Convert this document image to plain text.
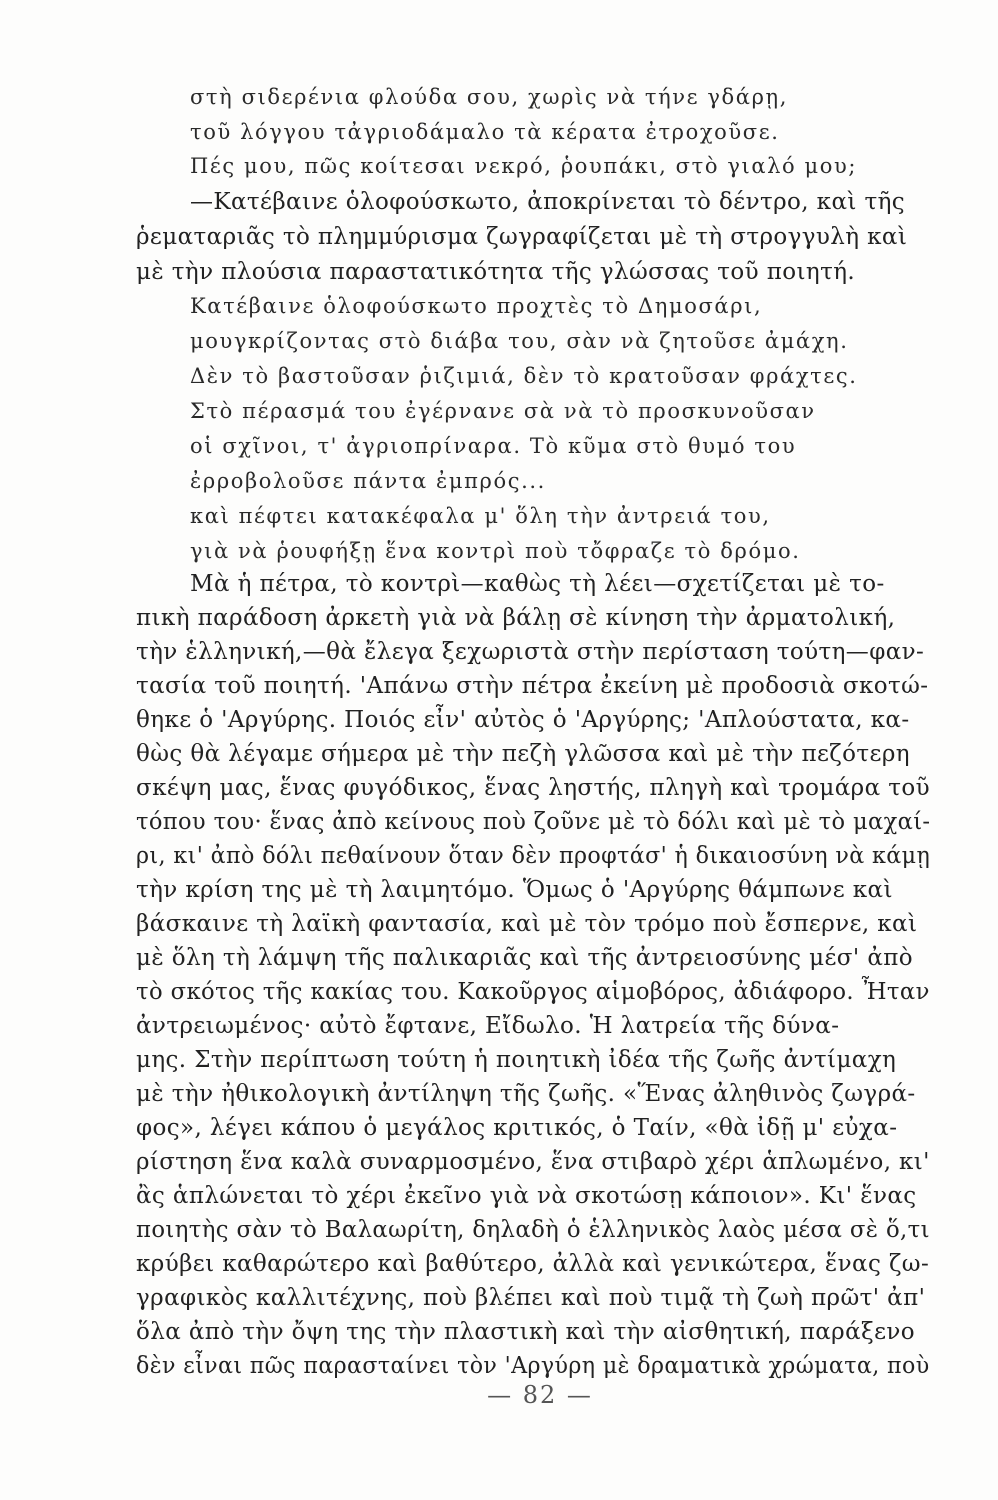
στὴ σιδερένια φλούδα σου, χωρὶς νὰ τήνε γδάρῃ,
τοῦ λόγγου τἀγριοδάμαλο τὰ κέρατα ἐτροχοῦσε.
Πές μου, πῶς κοίτεσαι νεκρό, ῥουπάκι, στὸ γιαλό μου;
—Κατέβαινε ὁλοφούσκωτο, ἀποκρίνεται τὸ δέντρο, καὶ τῆς
ῥεματαριᾶς τὸ πλημμύρισμα ζωγραφίζεται μὲ τὴ στρογγυλὴ καὶ
μὲ τὴν πλούσια παραστατικότητα τῆς γλώσσας τοῦ ποιητή.
Κατέβαινε ὁλοφούσκωτο προχτὲς τὸ Δημοσάρι,
μουγκρίζοντας στὸ διάβα του, σὰν νὰ ζητοῦσε ἀμάχη.
Δὲν τὸ βαστοῦσαν ῥιζιμιά, δὲν τὸ κρατοῦσαν φράχτες.
Στὸ πέρασμά του ἐγέρνανε σὰ νὰ τὸ προσκυνοῦσαν
οἱ σχῖνοι, τ' ἀγριοπρίναρα. Τὸ κῦμα στὸ θυμό του
ἐρροβολοῦσε πάντα ἐμπρός...
καὶ πέφτει κατακέφαλα μ' ὅλη τὴν ἀντρειά του,
γιὰ νὰ ῥουφήξῃ ἕνα κοντρὶ ποὺ τὄφραζε τὸ δρόμο.
Μὰ ἡ πέτρα, τὸ κοντρὶ—καθὼς τὴ λέει—σχετίζεται μὲ το-
πικὴ παράδοση ἀρκετὴ γιὰ νὰ βάλῃ σὲ κίνηση τὴν ἀρματολική,
τὴν ἑλληνική,—θὰ ἔλεγα ξεχωριστὰ στὴν περίσταση τούτη—φαν-
τασία τοῦ ποιητή. 'Απάνω στὴν πέτρα ἐκείνη μὲ προδοσιὰ σκοτώ-
θηκε ὁ 'Αργύρης. Ποιός εἶν' αὐτὸς ὁ 'Αργύρης; 'Απλούστατα, κα-
θὼς θὰ λέγαμε σήμερα μὲ τὴν πεζὴ γλῶσσα καὶ μὲ τὴν πεζότερη
σκέψη μας, ἕνας φυγόδικος, ἕνας ληστής, πληγὴ καὶ τρομάρα τοῦ
τόπου του· ἕνας ἀπὸ κείνους ποὺ ζοῦνε μὲ τὸ δόλι καὶ μὲ τὸ μαχαί-
ρι, κι' ἀπὸ δόλι πεθαίνουν ὅταν δὲν προφτάσ' ἡ δικαιοσύνη νὰ κάμῃ
τὴν κρίση της μὲ τὴ λαιμητόμο. Ὅμως ὁ 'Αργύρης θάμπωνε καὶ
βάσκαινε τὴ λαϊκὴ φαντασία, καὶ μὲ τὸν τρόμο ποὺ ἔσπερνε, καὶ
μὲ ὅλη τὴ λάμψη τῆς παλικαριᾶς καὶ τῆς ἀντρειοσύνης μέσ' ἀπὸ
τὸ σκότος τῆς κακίας του. Κακοῦργος αἱμοβόρος, ἀδιάφορο. Ἦταν
ἀντρειωμένος· αὐτὸ ἔφτανε, Εἴδωλο. Ἡ λατρεία τῆς δύνα-
μης. Στὴν περίπτωση τούτη ἡ ποιητικὴ ἰδέα τῆς ζωῆς ἀντίμαχη
μὲ τὴν ἠθικολογικὴ ἀντίληψη τῆς ζωῆς. «Ἕνας ἀληθινὸς ζωγρά-
φος», λέγει κάπου ὁ μεγάλος κριτικός, ὁ Ταίν, «θὰ ἰδῇ μ' εὐχα-
ρίστηση ἕνα καλὰ συναρμοσμένο, ἕνα στιβαρὸ χέρι ἁπλωμένο, κι'
ἂς ἁπλώνεται τὸ χέρι ἐκεῖνο γιὰ νὰ σκοτώσῃ κάποιον». Κι' ἕνας
ποιητὴς σὰν τὸ Βαλαωρίτη, δηλαδὴ ὁ ἑλληνικὸς λαὸς μέσα σὲ ὅ,τι
κρύβει καθαρώτερο καὶ βαθύτερο, ἀλλὰ καὶ γενικώτερα, ἕνας ζω-
γραφικὸς καλλιτέχνης, ποὺ βλέπει καὶ ποὺ τιμᾷ τὴ ζωὴ πρῶτ' ἀπ'
ὅλα ἀπὸ τὴν ὄψη της τὴν πλαστικὴ καὶ τὴν αἰσθητική, παράξενο
δὲν εἶναι πῶς παρασταίνει τὸν 'Αργύρη μὲ δραματικὰ χρώματα, ποὺ
— 82 —
